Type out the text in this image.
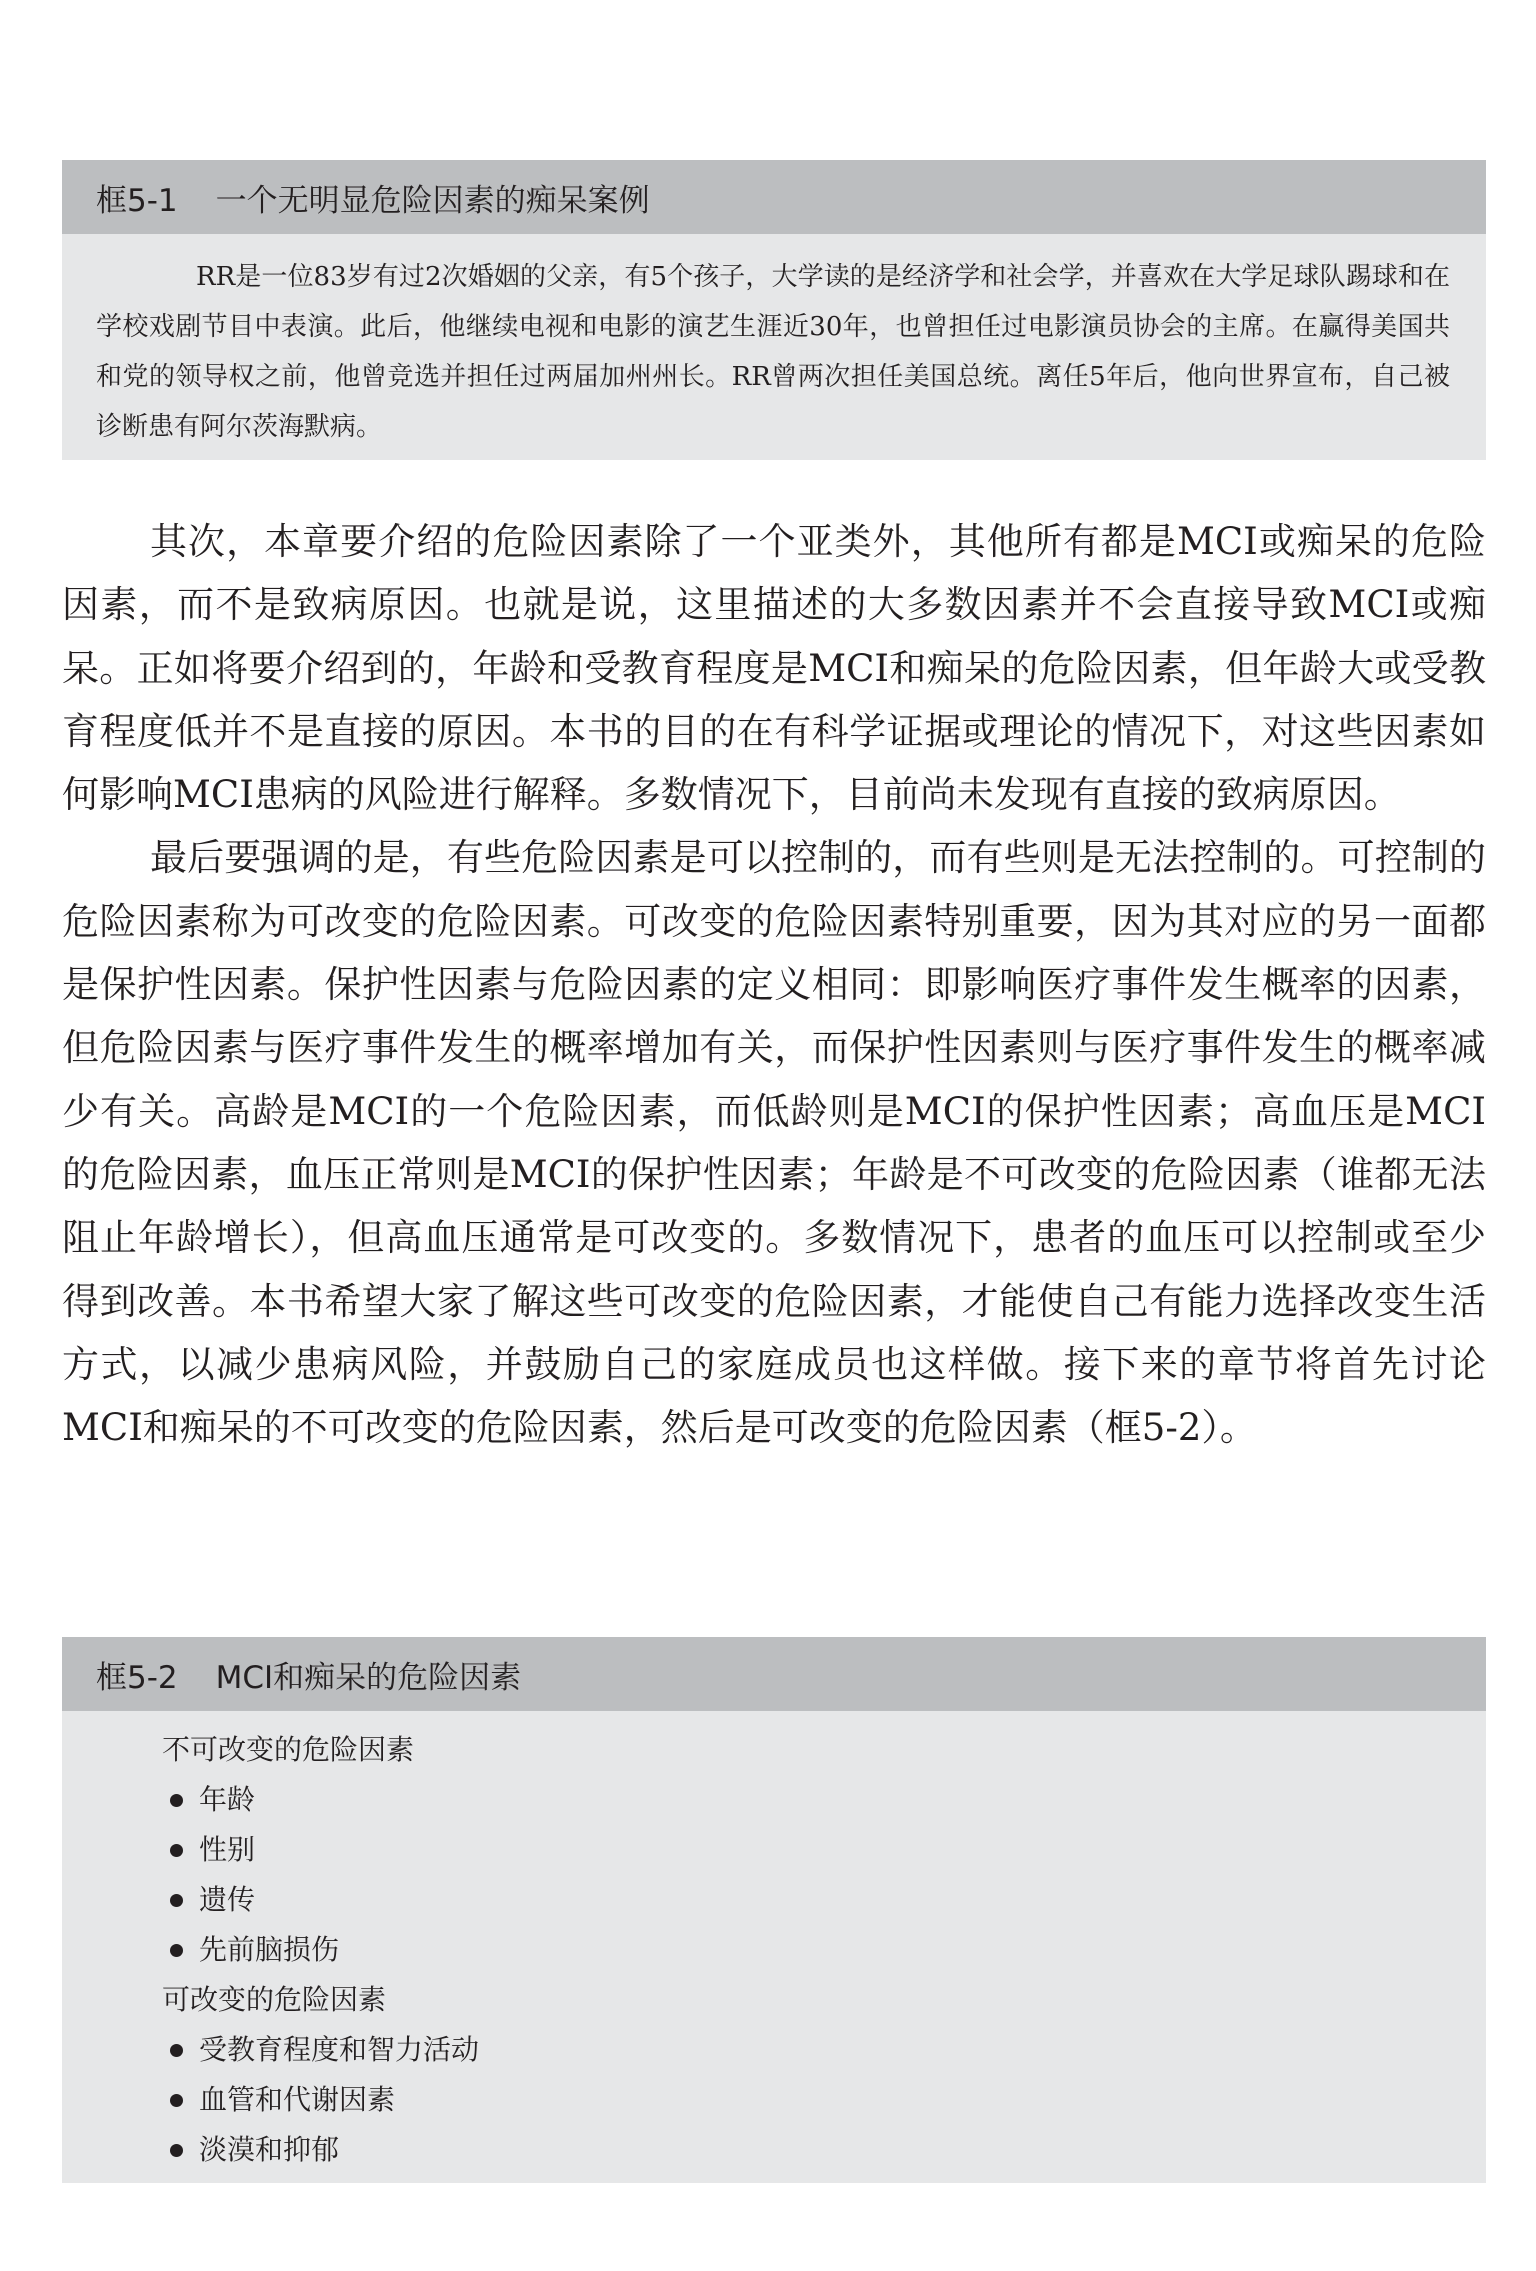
框5-1 一个无明显危险因素的痴呆案例
RR是一位83岁有过2次婚姻的父亲，有5个孩子，大学读的是经济学和社会学，并喜欢在大学足球队踢球和在学校戏剧节目中表演。此后，他继续电视和电影的演艺生涯近30年，也曾担任过电影演员协会的主席。在赢得美国共和党的领导权之前，他曾竞选并担任过两届加州州长。RR曾两次担任美国总统。离任5年后，他向世界宣布，自己被诊断患有阿尔茨海默病。

其次，本章要介绍的危险因素除了一个亚类外，其他所有都是MCI或痴呆的危险因素，而不是致病原因。也就是说，这里描述的大多数因素并不会直接导致MCI或痴呆。正如将要介绍到的，年龄和受教育程度是MCI和痴呆的危险因素，但年龄大或受教育程度低并不是直接的原因。本书的目的在有科学证据或理论的情况下，对这些因素如何影响MCI患病的风险进行解释。多数情况下，目前尚未发现有直接的致病原因。

最后要强调的是，有些危险因素是可以控制的，而有些则是无法控制的。可控制的危险因素称为可改变的危险因素。可改变的危险因素特别重要，因为其对应的另一面都是保护性因素。保护性因素与危险因素的定义相同：即影响医疗事件发生概率的因素，但危险因素与医疗事件发生的概率增加有关，而保护性因素则与医疗事件发生的概率减少有关。高龄是MCI的一个危险因素，而低龄则是MCI的保护性因素；高血压是MCI的危险因素，血压正常则是MCI的保护性因素；年龄是不可改变的危险因素（谁都无法阻止年龄增长），但高血压通常是可改变的。多数情况下，患者的血压可以控制或至少得到改善。本书希望大家了解这些可改变的危险因素，才能使自己有能力选择改变生活方式，以减少患病风险，并鼓励自己的家庭成员也这样做。接下来的章节将首先讨论MCI和痴呆的不可改变的危险因素，然后是可改变的危险因素（框5-2）。

框5-2 MCI和痴呆的危险因素
不可改变的危险因素
年龄
性别
遗传
先前脑损伤
可改变的危险因素
受教育程度和智力活动
血管和代谢因素
淡漠和抑郁
